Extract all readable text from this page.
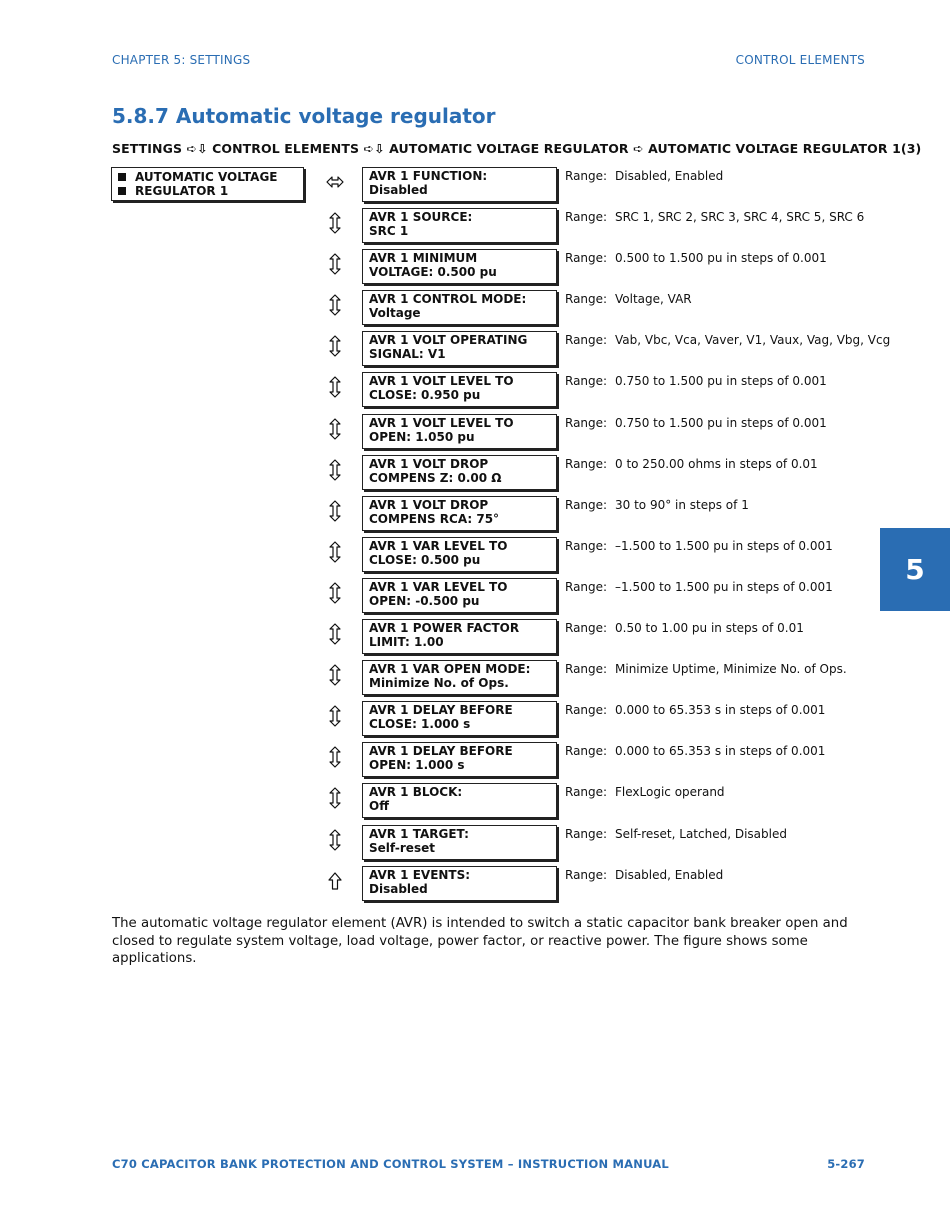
CHAPTER 5: SETTINGS	CONTROL ELEMENTS
5.8.7 Automatic voltage regulator
SETTINGS ➪⇩ CONTROL ELEMENTS ➪⇩ AUTOMATIC VOLTAGE REGULATOR ➪ AUTOMATIC VOLTAGE REGULATOR 1(3)
5
AUTOMATIC VOLTAGE
REGULATOR 1
AVR 1 FUNCTION:
Disabled
Range: Disabled, Enabled
AVR 1 SOURCE:
SRC 1
Range: SRC 1, SRC 2, SRC 3, SRC 4, SRC 5, SRC 6
AVR 1 MINIMUM
VOLTAGE: 0.500 pu
Range: 0.500 to 1.500 pu in steps of 0.001
AVR 1 CONTROL MODE:
Voltage
Range: Voltage, VAR
AVR 1 VOLT OPERATING
SIGNAL: V1
Range: Vab, Vbc, Vca, Vaver, V1, Vaux, Vag, Vbg, Vcg
AVR 1 VOLT LEVEL TO
CLOSE: 0.950 pu
Range: 0.750 to 1.500 pu in steps of 0.001
AVR 1 VOLT LEVEL TO
OPEN: 1.050 pu
Range: 0.750 to 1.500 pu in steps of 0.001
AVR 1 VOLT DROP
COMPENS Z: 0.00 Ω
Range: 0 to 250.00 ohms in steps of 0.01
AVR 1 VOLT DROP
COMPENS RCA: 75°
Range: 30 to 90° in steps of 1
AVR 1 VAR LEVEL TO
CLOSE: 0.500 pu
Range: –1.500 to 1.500 pu in steps of 0.001
AVR 1 VAR LEVEL TO
OPEN: -0.500 pu
Range: –1.500 to 1.500 pu in steps of 0.001
AVR 1 POWER FACTOR
LIMIT: 1.00
Range: 0.50 to 1.00 pu in steps of 0.01
AVR 1 VAR OPEN MODE:
Minimize No. of Ops.
Range: Minimize Uptime, Minimize No. of Ops.
AVR 1 DELAY BEFORE
CLOSE: 1.000 s
Range: 0.000 to 65.353 s in steps of 0.001
AVR 1 DELAY BEFORE
OPEN: 1.000 s
Range: 0.000 to 65.353 s in steps of 0.001
AVR 1 BLOCK:
Off
Range: FlexLogic operand
AVR 1 TARGET:
Self-reset
Range: Self-reset, Latched, Disabled
AVR 1 EVENTS:
Disabled
Range: Disabled, Enabled

The automatic voltage regulator element (AVR) is intended to switch a static capacitor bank breaker open and closed to regulate system voltage, load voltage, power factor, or reactive power. The figure shows some applications.

C70 CAPACITOR BANK PROTECTION AND CONTROL SYSTEM – INSTRUCTION MANUAL	5-267
